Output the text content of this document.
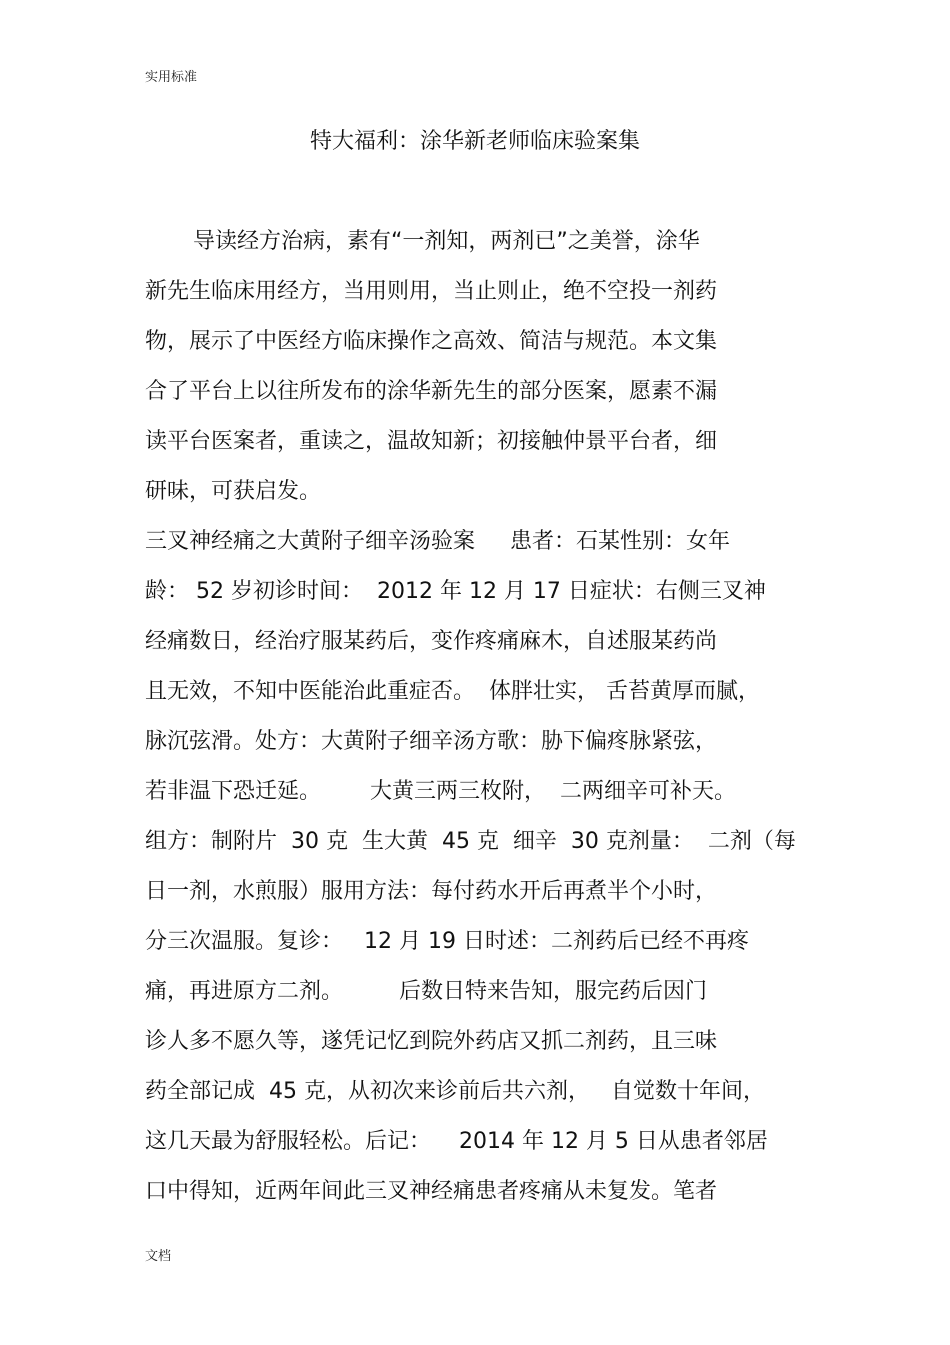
实用标准
特大福利：涂华新老师临床验案集
导读经方治病，素有“一剂知，两剂已”之美誉，涂华
新先生临床用经方，当用则用，当止则止，绝不空投一剂药
物，展示了中医经方临床操作之高效、简洁与规范。本文集
合了平台上以往所发布的涂华新先生的部分医案，愿素不漏
读平台医案者，重读之，温故知新；初接触仲景平台者，细
研味，可获启发。
三叉神经痛之大黄附子细辛汤验案     患者：石某性别：女年
龄： 52 岁初诊时间：  2012 年 12 月 17 日症状：右侧三叉神
经痛数日，经治疗服某药后，变作疼痛麻木，自述服某药尚
且无效，不知中医能治此重症否。  体胖壮实， 舌苔黄厚而腻，
脉沉弦滑。处方：大黄附子细辛汤方歌：胁下偏疼脉紧弦，
若非温下恐迁延。       大黄三两三枚附，  二两细辛可补天。
组方：制附片  30 克  生大黄  45 克  细辛  30 克剂量：  二剂（每
日一剂，水煎服）服用方法：每付药水开后再煮半个小时，
分三次温服。复诊：   12 月 19 日时述：二剂药后已经不再疼
痛，再进原方二剂。        后数日特来告知，服完药后因门
诊人多不愿久等，遂凭记忆到院外药店又抓二剂药，且三味
药全部记成  45 克，从初次来诊前后共六剂，   自觉数十年间，
这几天最为舒服轻松。后记：    2014 年 12 月 5 日从患者邻居
口中得知，近两年间此三叉神经痛患者疼痛从未复发。笔者
文档
